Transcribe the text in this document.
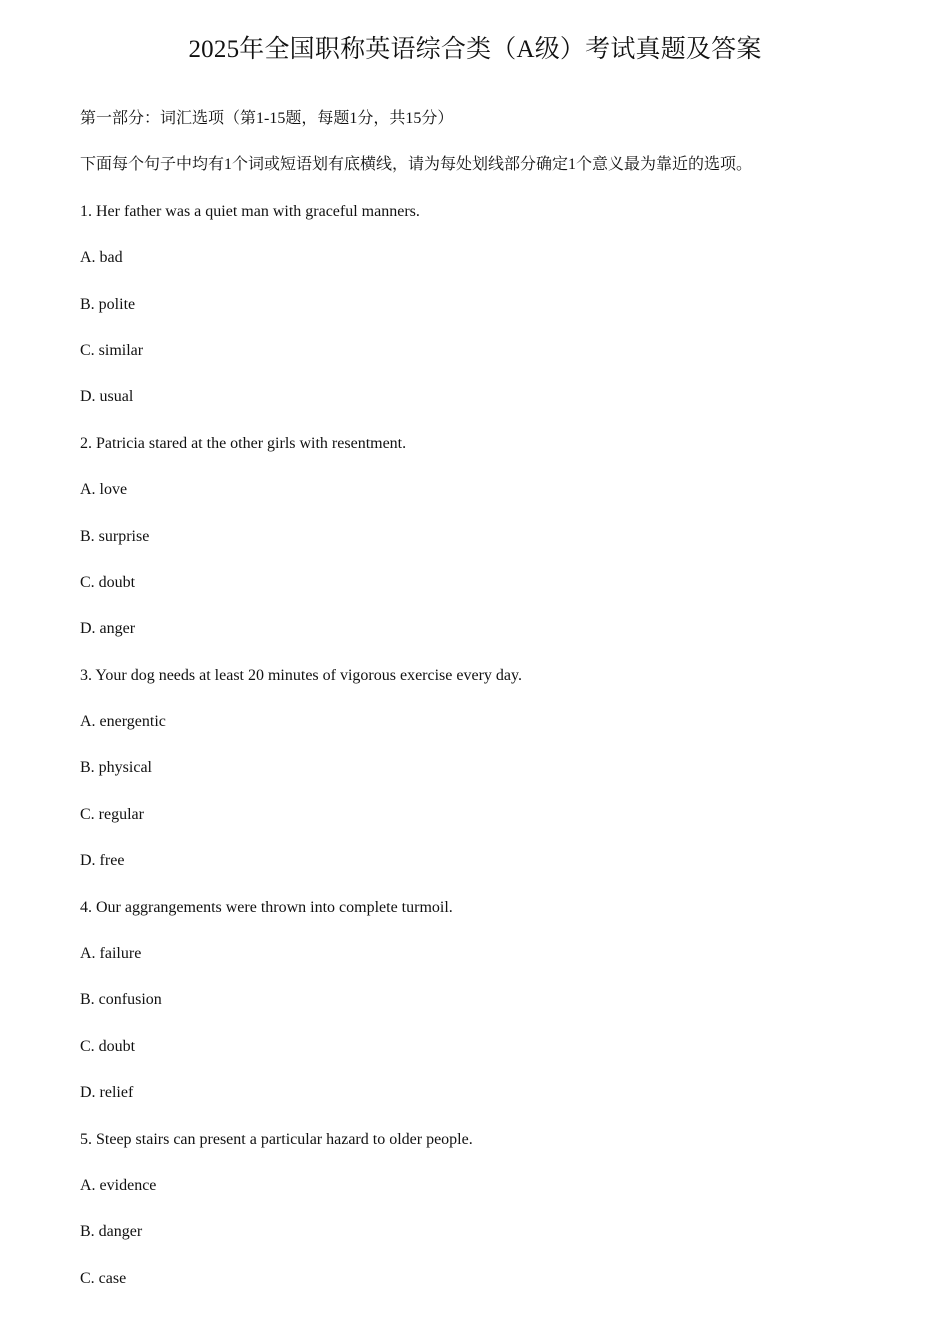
2025年全国职称英语综合类（A级）考试真题及答案

第一部分：词汇选项（第1-15题，每题1分，共15分）

下面每个句子中均有1个词或短语划有底横线，请为每处划线部分确定1个意义最为靠近的选项。

1. Her father was a quiet man with graceful manners.

A. bad

B. polite

C. similar

D. usual

2. Patricia stared at the other girls with resentment.

A. love

B. surprise

C. doubt

D. anger

3. Your dog needs at least 20 minutes of vigorous exercise every day.

A. energentic

B. physical

C. regular

D. free

4. Our aggrangements were thrown into complete turmoil.

A. failure

B. confusion

C. doubt

D. relief

5. Steep stairs can present a particular hazard to older people.

A. evidence

B. danger

C. case
